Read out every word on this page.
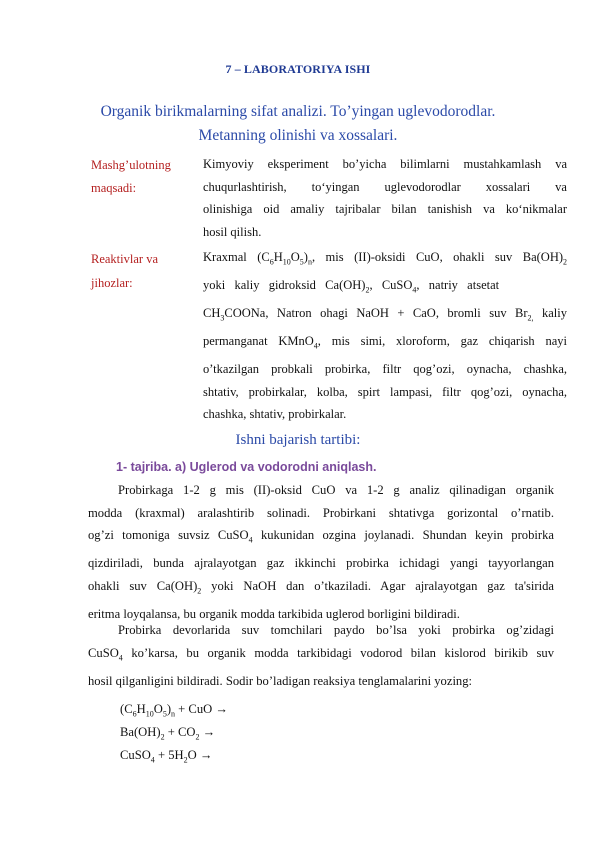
7 – LABORATORIYA ISHI
Organik birikmalarning sifat analizi. To’yingan uglevodorodlar.
Metanning olinishi va xossalari.
Mashg’ulotning
maqsadi:
Kimyoviy eksperiment bo’yicha bilimlarni mustahkamlash va
chuqurlashtirish, to‘yingan uglevodorodlar xossalari va
olinishiga oid amaliy tajribalar bilan tanishish va ko‘nikmalar
hosil qilish.
Reaktivlar va
jihozlar:
Kraxmal $(C_6H_{10}O_5)_n$, mis (II)-oksidi CuO, ohakli suv $Ba(OH)_2$
yoki kaliy gidroksid $Ca(OH)_2$, CuSO$_4$, natriy atsetat
$CH_3COONa$, Natron ohagi NaOH + CaO, bromli suv $Br_{2,}$ kaliy
permanganat KMnO$_4$, mis simi, xloroform, gaz chiqarish nayi
o’tkazilgan probkali probirka, filtr qog’ozi, oynacha, chashka,
shtativ, probirkalar, kolba, spirt lampasi, filtr qog’ozi, oynacha,
chashka, shtativ, probirkalar.
Ishni bajarish tartibi:
1- tajriba. a) Uglerod va vodorodni aniqlash.
Probirkaga 1-2 g mis (II)-oksid CuO va 1-2 g analiz qilinadigan organik
modda (kraxmal) aralashtirib solinadi. Probirkani shtativga gorizontal o’rnatib.
og’zi tomoniga suvsiz CuSO$_4$ kukunidan ozgina joylanadi. Shundan keyin probirka
qizdiriladi, bunda ajralayotgan gaz ikkinchi probirka ichidagi yangi tayyorlangan
ohakli suv $Ca(OH)_2$ yoki NaOH dan o’tkaziladi. Agar ajralayotgan gaz ta'sirida
eritma loyqalansa, bu organik modda tarkibida uglerod borligini bildiradi.
Probirka devorlarida suv tomchilari paydo bo’lsa yoki probirka og’zidagi
CuSO$_4$ ko’karsa, bu organik modda tarkibidagi vodorod bilan kislorod birikib suv
hosil qilganligini bildiradi. Sodir bo’ladigan reaksiya tenglamalarini yozing:
$(C_6H_{10}O_5)_n$ + CuO →
$Ba(OH)_2 + CO_2$ →
CuSO$_4$ + $5H_2O$ →
